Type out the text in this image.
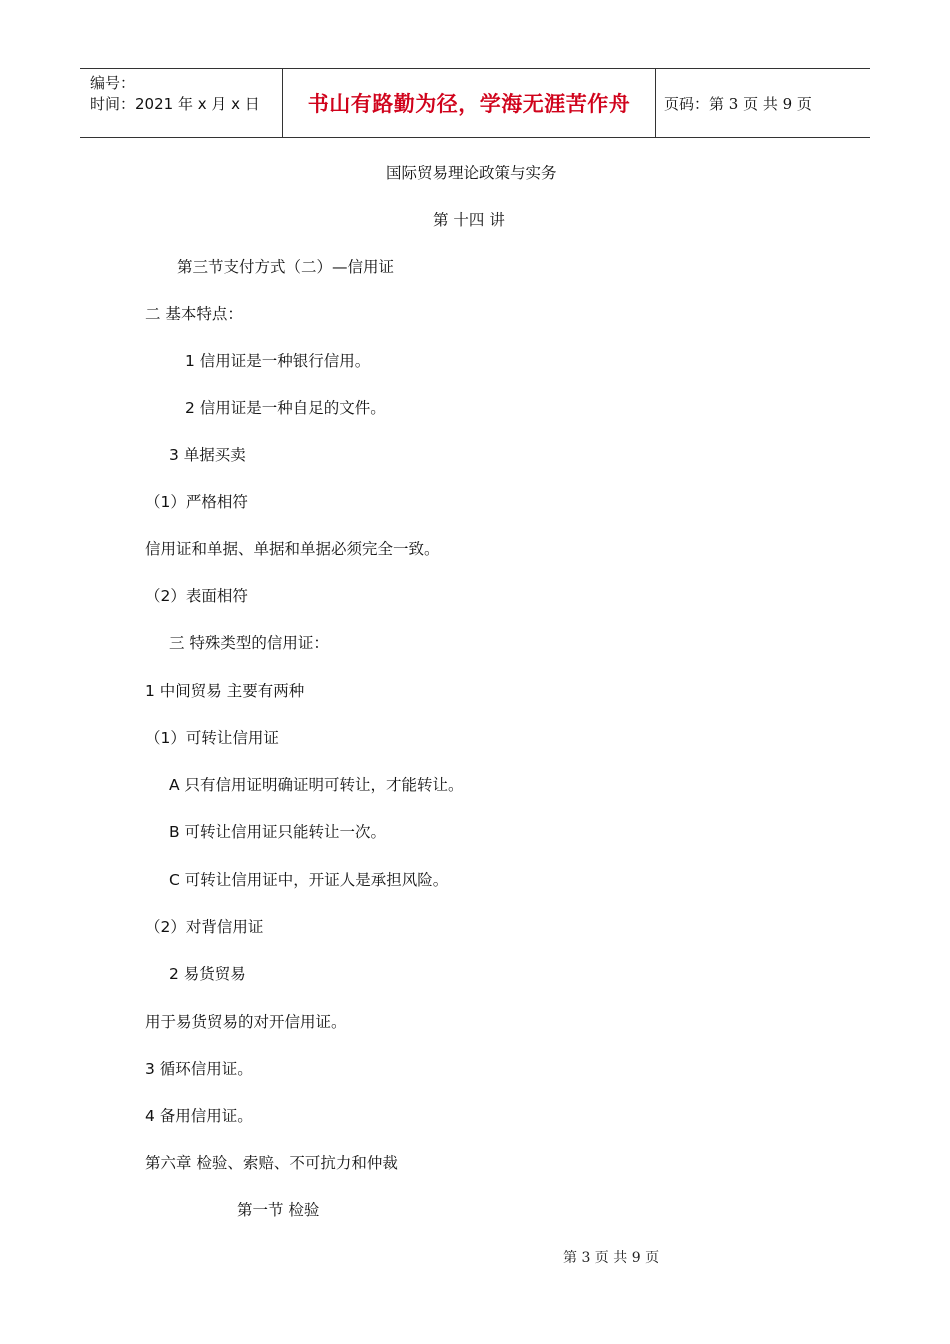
编号：
时间：2021 年 x 月 x 日	书山有路勤为径，学海无涯苦作舟	页码：第 3 页 共 9 页
国际贸易理论政策与实务
第 十四 讲
第三节支付方式（二）—信用证
二 基本特点：
1 信用证是一种银行信用。
2 信用证是一种自足的文件。
3 单据买卖
（1）严格相符
信用证和单据、单据和单据必须完全一致。
（2）表面相符
三 特殊类型的信用证：
1 中间贸易 主要有两种
（1）可转让信用证
A 只有信用证明确证明可转让，才能转让。
B 可转让信用证只能转让一次。
C 可转让信用证中，开证人是承担风险。
（2）对背信用证
2 易货贸易
用于易货贸易的对开信用证。
3 循环信用证。
4 备用信用证。
第六章 检验、索赔、不可抗力和仲裁
第一节 检验
第 3 页 共 9 页
